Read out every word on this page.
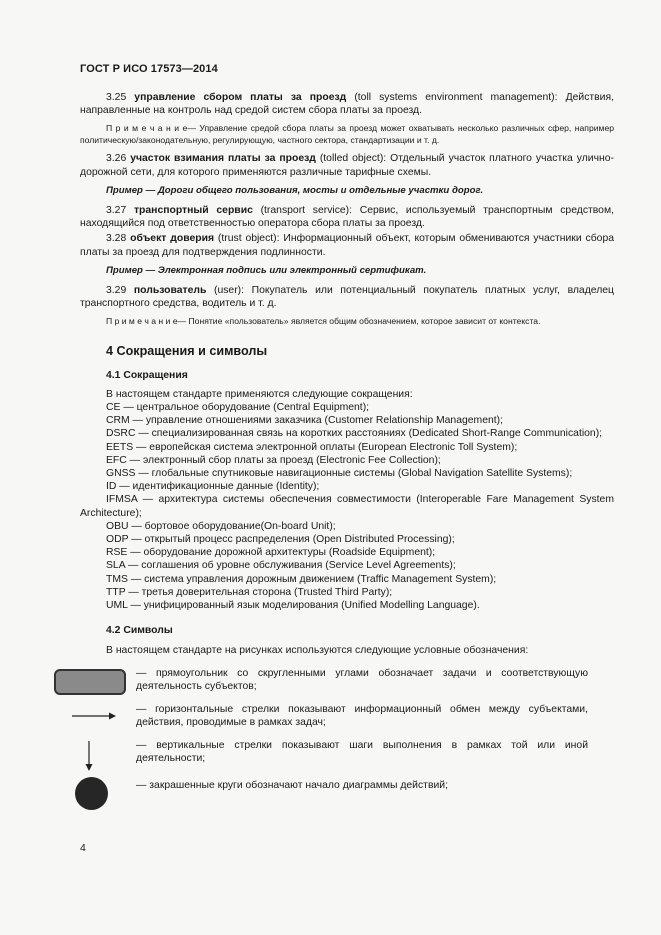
ГОСТ Р ИСО 17573—2014
3.25 управление сбором платы за проезд (toll systems environment management): Действия, направленные на контроль над средой систем сбора платы за проезд.
П р и м е ч а н и е— Управление средой сбора платы за проезд может охватывать несколько различных сфер, например политическую/законодательную, регулирующую, частного сектора, стандартизации и т. д.
3.26 участок взимания платы за проезд (tolled object): Отдельный участок платного участка улично-дорожной сети, для которого применяются различные тарифные схемы.
Пример — Дороги общего пользования, мосты и отдельные участки дорог.
3.27 транспортный сервис (transport service): Сервис, используемый транспортным средством, находящийся под ответственностью оператора сбора платы за проезд.
3.28 объект доверия (trust object): Информационный объект, которым обмениваются участники сбора платы за проезд для подтверждения подлинности.
Пример — Электронная подпись или электронный сертификат.
3.29 пользователь (user): Покупатель или потенциальный покупатель платных услуг, владелец транспортного средства, водитель и т. д.
П р и м е ч а н и е— Понятие «пользователь» является общим обозначением, которое зависит от контекста.
4 Сокращения и символы
4.1 Сокращения
В настоящем стандарте применяются следующие сокращения:
CE — центральное оборудование (Central Equipment);
CRM — управление отношениями заказчика (Customer Relationship Management);
DSRC — специализированная связь на коротких расстояниях (Dedicated Short-Range Communication);
EETS — европейская система электронной оплаты (European Electronic Toll System);
EFC — электронный сбор платы за проезд (Electronic Fee Collection);
GNSS — глобальные спутниковые навигационные системы (Global Navigation Satellite Systems);
ID — идентификационные данные (Identity);
IFMSA — архитектура системы обеспечения совместимости (Interoperable Fare Management System Architecture);
OBU — бортовое оборудование(On-board Unit);
ODP — открытый процесс распределения (Open Distributed Processing);
RSE — оборудование дорожной архитектуры (Roadside Equipment);
SLA — соглашения об уровне обслуживания (Service Level Agreements);
TMS — система управления дорожным движением (Traffic Management System);
TTP — третья доверительная сторона (Trusted Third Party);
UML — унифицированный язык моделирования (Unified Modelling Language).
4.2 Символы
В настоящем стандарте на рисунках используются следующие условные обозначения:
— прямоугольник со скругленными углами обозначает задачи и соответствующую деятельность субъектов;
— горизонтальные стрелки показывают информационный обмен между субъектами, действия, проводимые в рамках задач;
— вертикальные стрелки показывают шаги выполнения в рамках той или иной деятельности;
— закрашенные круги обозначают начало диаграммы действий;
4
